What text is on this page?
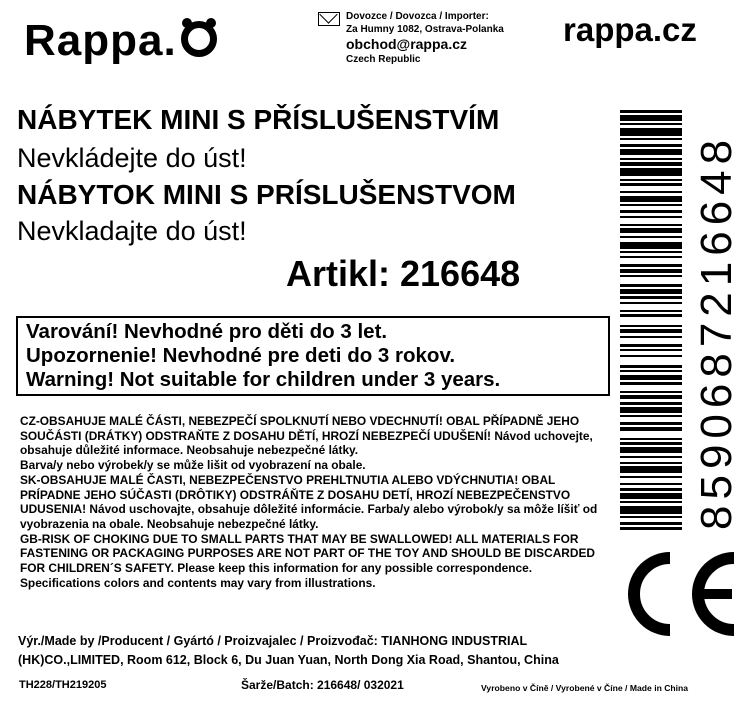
Rappa.	Dovozce / Dovozca / Importer:
Za Humny 1082, Ostrava-Polanka
obchod@rappa.cz
Czech Republic
rappa.cz
NÁBYTEK MINI S PŘÍSLUŠENSTVÍM
Nevkládejte do úst!
NÁBYTOK MINI S PRÍSLUŠENSTVOM
Nevkladajte do úst!
Artikl: 216648
Varování! Nevhodné pro děti do 3 let.
Upozornenie! Nevhodné pre deti do 3 rokov.
Warning! Not suitable for children under 3 years.

CZ-OBSAHUJE MALÉ ČÁSTI, NEBEZPEČÍ SPOLKNUTÍ NEBO VDECHNUTÍ! OBAL PŘÍPADNĚ JEHO SOUČÁSTI (DRÁTKY) ODSTRAŇTE Z DOSAHU DĚTÍ, HROZÍ NEBEZPEČÍ UDUŠENÍ! Návod uchovejte, obsahuje důležité informace. Neobsahuje nebezpečné látky.

Barva/y nebo výrobek/y se může lišit od vyobrazení na obale.

SK-OBSAHUJE MALÉ ČASTI, NEBEZPEČENSTVO PREHLTNUTIA ALEBO VDÝCHNUTIA! OBAL PRÍPADNE JEHO SÚČASTI (DRÔTIKY) ODSTRÁŇTE Z DOSAHU DETÍ, HROZÍ NEBEZPEČENSTVO UDUSENIA! Návod uschovajte, obsahuje dôležité informácie. Farba/y alebo výrobok/y sa môže líšiť od vyobrazenia na obale. Neobsahuje nebezpečné látky.

GB-RISK OF CHOKING DUE TO SMALL PARTS THAT MAY BE SWALLOWED! ALL MATERIALS FOR FASTENING OR PACKAGING PURPOSES ARE NOT PART OF THE TOY AND SHOULD BE DISCARDED FOR CHILDREN´S SAFETY. Please keep this information for any possible correspondence. Specifications colors and contents may vary from illustrations.

Výr./Made by /Producent / Gyártó / Proizvajalec / Proizvođač: TIANHONG INDUSTRIAL
(HK)CO.,LIMITED, Room 612, Block 6, Du Juan Yuan, North Dong Xia Road, Shantou, China
TH228/TH219205	Šarže/Batch: 216648/ 032021	Vyrobeno v Číně / Vyrobené v Číne / Made in China
8590687216648
